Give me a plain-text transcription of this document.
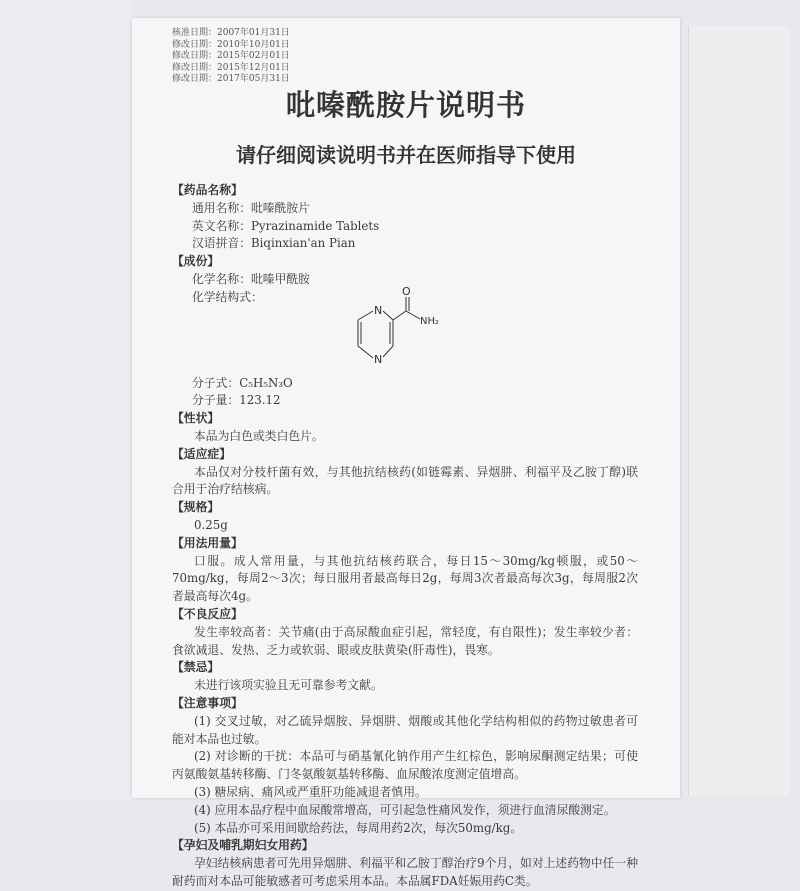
核准日期：2007年01月31日
修改日期：2010年10月01日
修改日期：2015年02月01日
修改日期：2015年12月01日
修改日期：2017年05月31日
吡嗪酰胺片说明书
请仔细阅读说明书并在医师指导下使用
【药品名称】
通用名称：吡嗪酰胺片
英文名称：Pyrazinamide Tablets
汉语拼音：Biqinxian'an Pian
【成份】
化学名称：吡嗪甲酰胺
化学结构式：
N
N
O
NH₂
分子式：C₅H₅N₃O
分子量：123.12
【性状】
本品为白色或类白色片。
【适应症】
本品仅对分枝杆菌有效，与其他抗结核药(如链霉素、异烟肼、利福平及乙胺丁醇)联合用于治疗结核病。
【规格】
0.25g
【用法用量】
口服。成人常用量，与其他抗结核药联合，每日15～30mg/kg顿服，或50～70mg/kg，每周2～3次；每日服用者最高每日2g，每周3次者最高每次3g，每周服2次者最高每次4g。
【不良反应】
发生率较高者：关节痛(由于高尿酸血症引起，常轻度，有自限性)；发生率较少者：食欲减退、发热、乏力或软弱、眼或皮肤黄染(肝毒性)，畏寒。
【禁忌】
未进行该项实验且无可靠参考文献。
【注意事项】
(1) 交叉过敏，对乙硫异烟胺、异烟肼、烟酸或其他化学结构相似的药物过敏患者可能对本品也过敏。
(2) 对诊断的干扰：本品可与硝基氰化钠作用产生红棕色，影响尿酮测定结果；可使丙氨酸氨基转移酶、门冬氨酸氨基转移酶、血尿酸浓度测定值增高。
(3) 糖尿病、痛风或严重肝功能减退者慎用。
(4) 应用本品疗程中血尿酸常增高，可引起急性痛风发作，须进行血清尿酸测定。
(5) 本品亦可采用间歇给药法，每周用药2次，每次50mg/kg。
【孕妇及哺乳期妇女用药】
孕妇结核病患者可先用异烟肼、利福平和乙胺丁醇治疗9个月，如对上述药物中任一种耐药而对本品可能敏感者可考虑采用本品。本品属FDA妊娠用药C类。
